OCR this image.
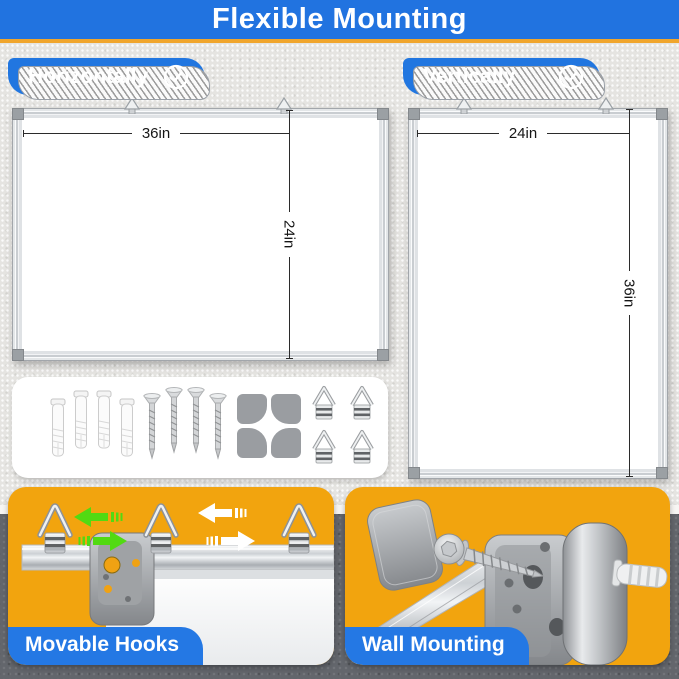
Flexible Mounting
Horizontally	Vertically
36in
24in
24in
36in
Movable Hooks	Wall Mounting
